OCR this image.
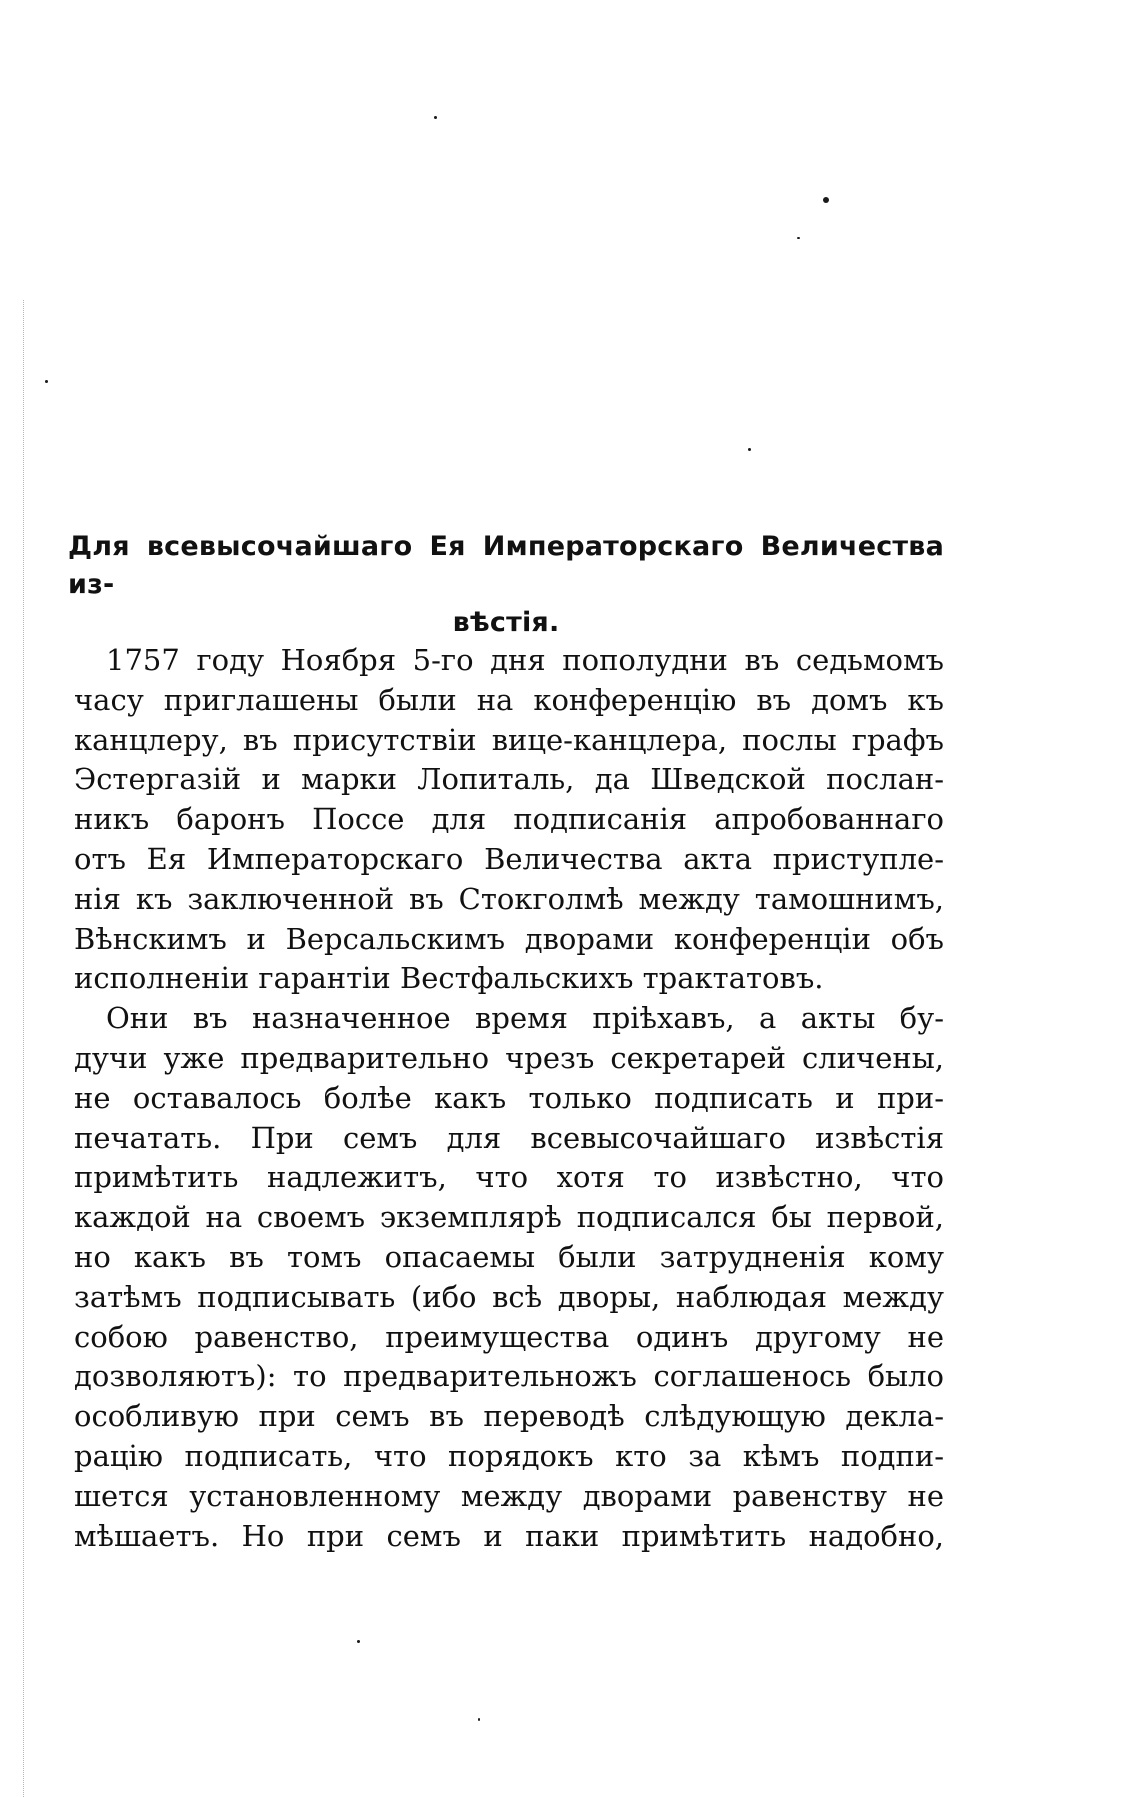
Для всевысочайшаго Ея Императорскаго Величества из-
вѣстія.
1757 году Ноября 5-го дня пополудни въ седьмомъ
часу приглашены были на конференцію въ домъ къ
канцлеру, въ присутствіи вице-канцлера, послы графъ
Эстергазій и марки Лопиталь, да Шведской послан-
никъ баронъ Поссе для подписанія апробованнаго
отъ Ея Императорскаго Величества акта приступле-
нія къ заключенной въ Стокголмѣ между тамошнимъ,
Вѣнскимъ и Версальскимъ дворами конференціи объ
исполненіи гарантіи Вестфальскихъ трактатовъ.
Они въ назначенное время пріѣхавъ, а акты бу-
дучи уже предварительно чрезъ секретарей сличены,
не оставалось болѣе какъ только подписать и при-
печатать. При семъ для всевысочайшаго извѣстія
примѣтить надлежитъ, что хотя то извѣстно, что
каждой на своемъ экземплярѣ подписался бы первой,
но какъ въ томъ опасаемы были затрудненія кому
затѣмъ подписывать (ибо всѣ дворы, наблюдая между
собою равенство, преимущества одинъ другому не
дозволяютъ): то предварительножъ соглашенось было
особливую при семъ въ переводѣ слѣдующую декла-
рацію подписать, что порядокъ кто за кѣмъ подпи-
шется установленному между дворами равенству не
мѣшаетъ. Но при семъ и паки примѣтить надобно,
